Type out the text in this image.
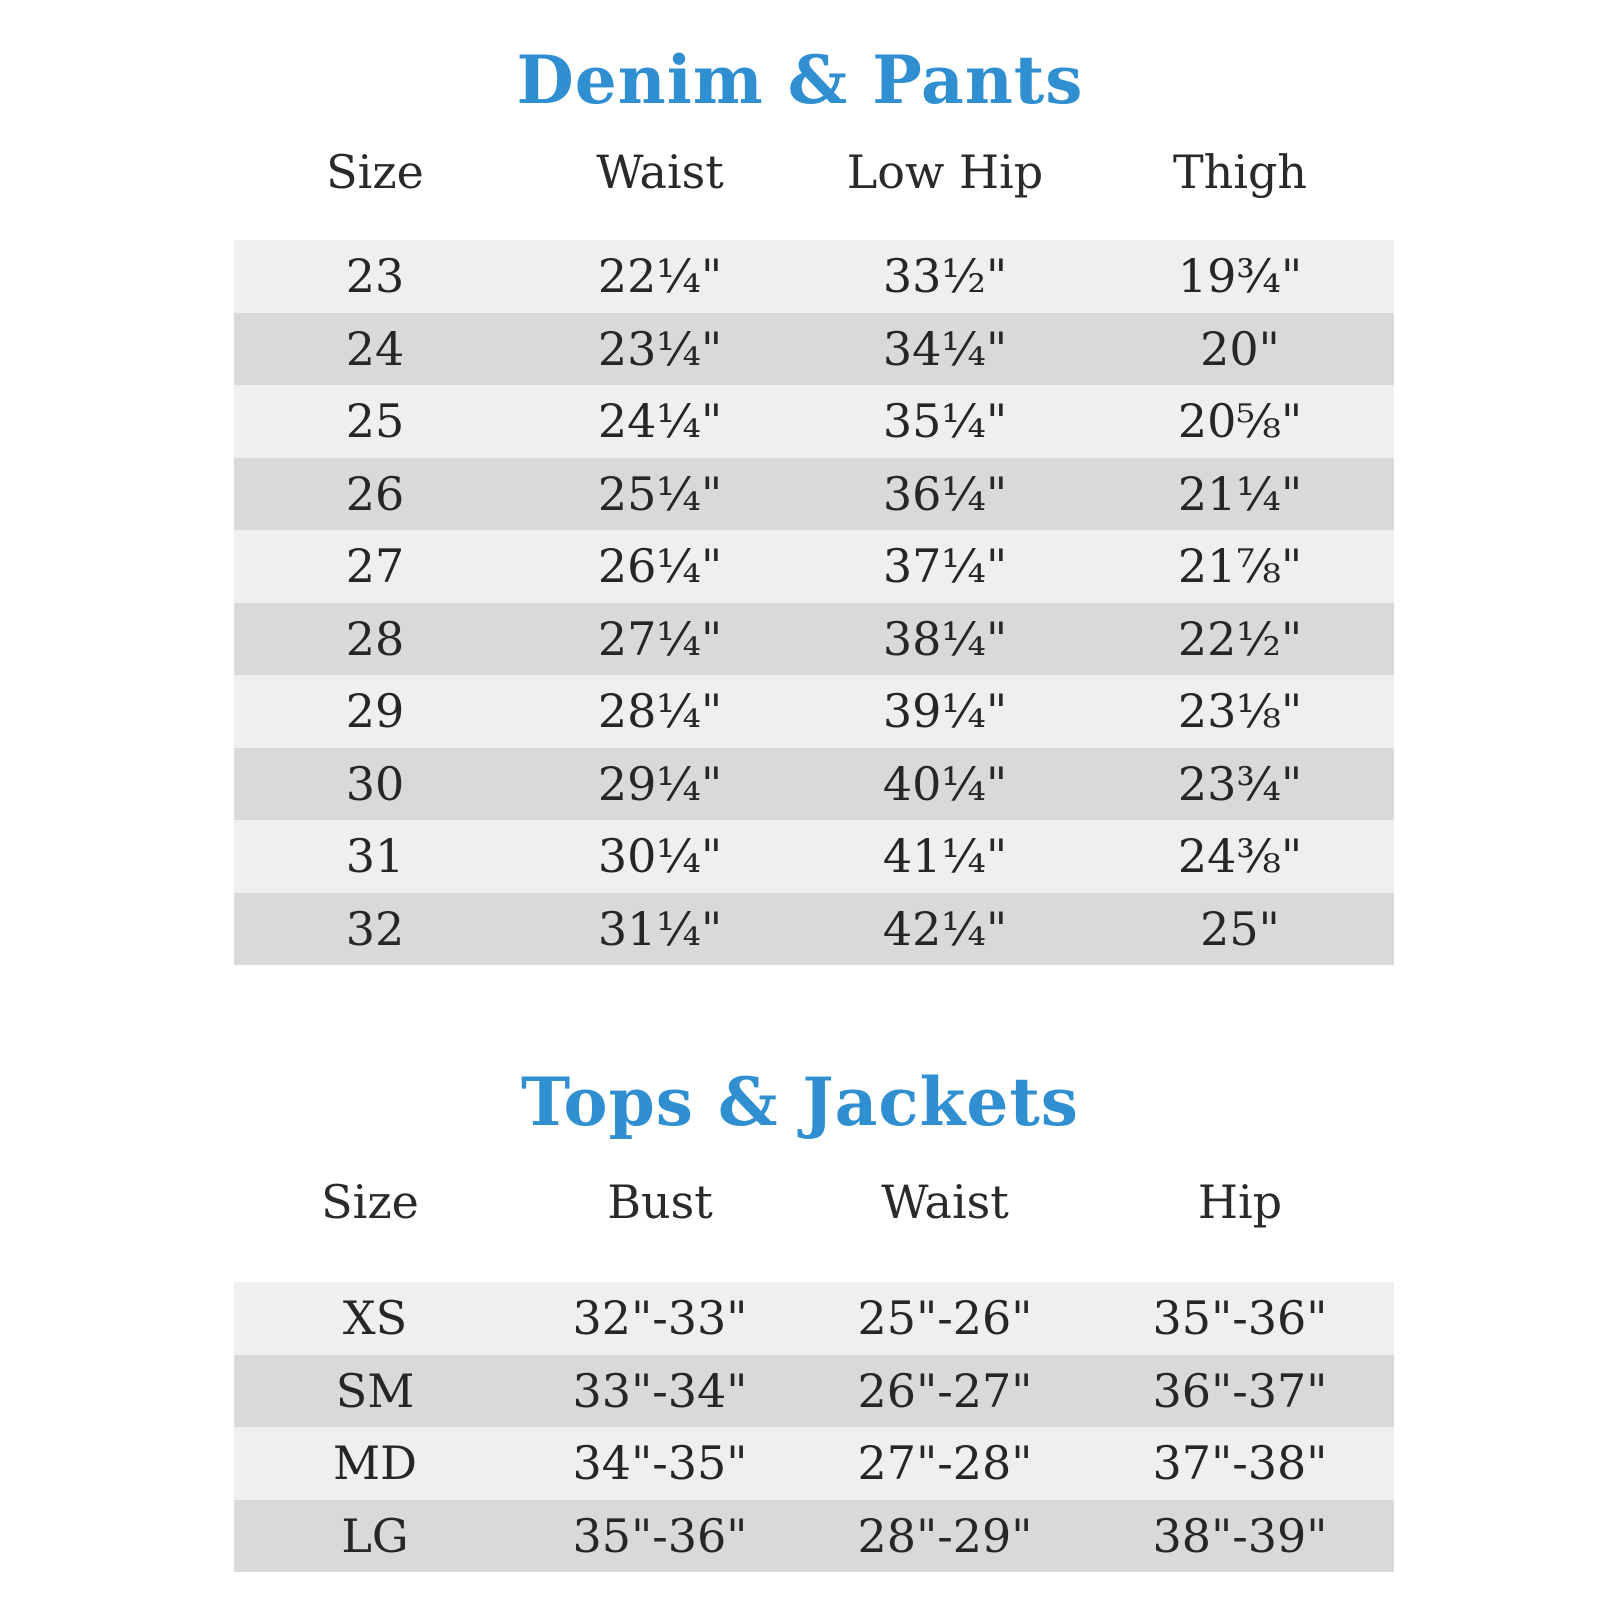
Denim & Pants
Size	Waist	Low Hip	Thigh
23	22¼"	33½"	19¾"
24	23¼"	34¼"	20"
25	24¼"	35¼"	20⅝"
26	25¼"	36¼"	21¼"
27	26¼"	37¼"	21⅞"
28	27¼"	38¼"	22½"
29	28¼"	39¼"	23⅛"
30	29¼"	40¼"	23¾"
31	30¼"	41¼"	24⅜"
32	31¼"	42¼"	25"
Tops & Jackets
Size	Bust	Waist	Hip
XS	32"-33"	25"-26"	35"-36"
SM	33"-34"	26"-27"	36"-37"
MD	34"-35"	27"-28"	37"-38"
LG	35"-36"	28"-29"	38"-39"
